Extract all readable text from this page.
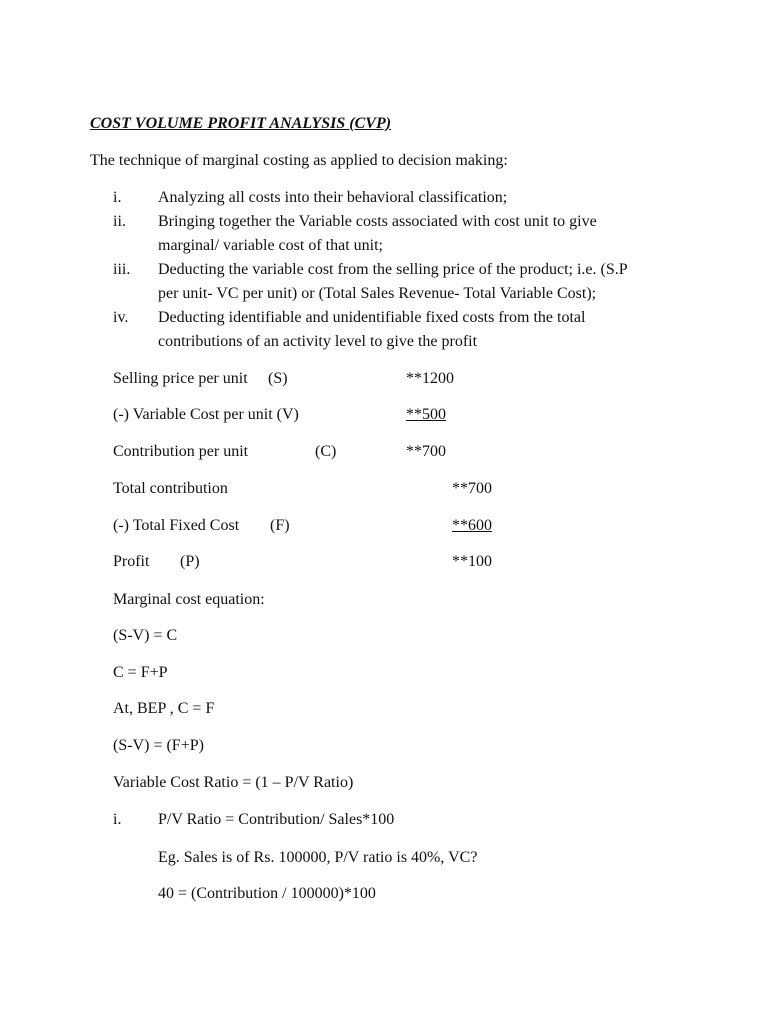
COST VOLUME PROFIT ANALYSIS (CVP)
The technique of marginal costing as applied to decision making:
i. Analyzing all costs into their behavioral classification;
ii. Bringing together the Variable costs associated with cost unit to give
marginal/ variable cost of that unit;
iii. Deducting the variable cost from the selling price of the product; i.e. (S.P
per unit- VC per unit) or (Total Sales Revenue- Total Variable Cost);
iv. Deducting identifiable and unidentifiable fixed costs from the total
contributions of an activity level to give the profit
Selling price per unit (S)	**1200
(-) Variable Cost per unit (V)	**500
Contribution per unit	(C)	**700
Total contribution	**700
(-) Total Fixed Cost (F)	**600
Profit (P)	**100
Marginal cost equation:
(S-V) = C
C = F+P
At, BEP , C = F
(S-V) = (F+P)
Variable Cost Ratio = (1 – P/V Ratio)
i. P/V Ratio = Contribution/ Sales*100
Eg. Sales is of Rs. 100000, P/V ratio is 40%, VC?
40 = (Contribution / 100000)*100
